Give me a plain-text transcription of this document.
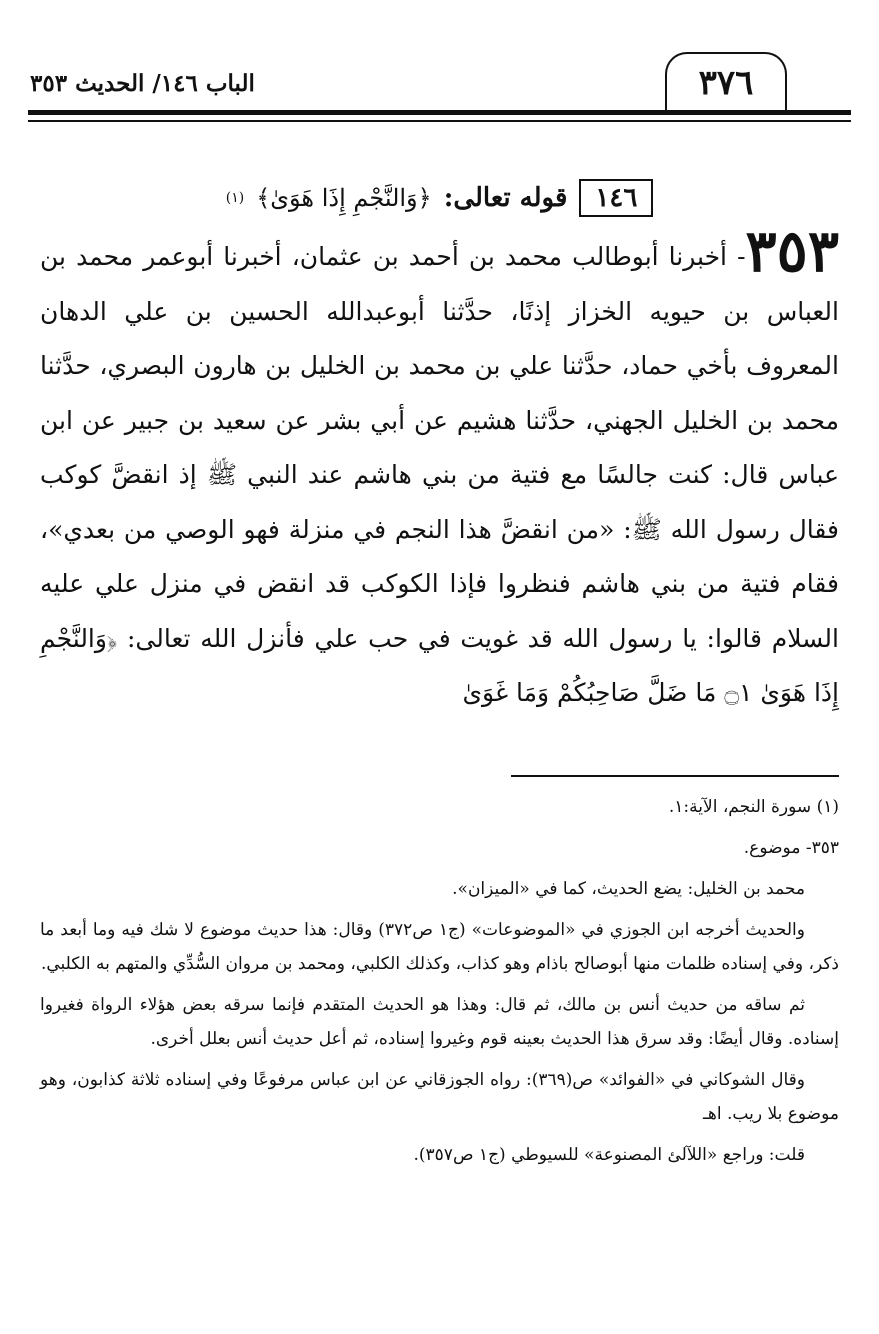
٣٧٦
الباب ١٤٦/ الحديث ٣٥٣
١٤٦
قوله تعالى:
﴿وَالنَّجْمِ إِذَا هَوَىٰ﴾
(١)
٣٥٣- أخبرنا أبوطالب محمد بن أحمد بن عثمان، أخبرنا أبوعمر محمد بن العباس بن حيويه الخزاز إذنًا، حدَّثنا أبوعبدالله الحسين بن علي الدهان المعروف بأخي حماد، حدَّثنا علي بن محمد بن الخليل بن هارون البصري، حدَّثنا محمد بن الخليل الجهني، حدَّثنا هشيم عن أبي بشر عن سعيد بن جبير عن ابن عباس قال: كنت جالسًا مع فتية من بني هاشم عند النبي ﷺ إذ انقضَّ كوكب فقال رسول الله ﷺ: «من انقضَّ هذا النجم في منزلة فهو الوصي من بعدي»، فقام فتية من بني هاشم فنظروا فإذا الكوكب قد انقض في منزل علي عليه السلام قالوا: يا رسول الله قد غويت في حب علي فأنزل الله تعالى: ﴿وَالنَّجْمِ إِذَا هَوَىٰ ۝١ مَا ضَلَّ صَاحِبُكُمْ وَمَا غَوَىٰ

(١) سورة النجم، الآية:١.

٣٥٣- موضوع.

محمد بن الخليل: يضع الحديث، كما في «الميزان».

والحديث أخرجه ابن الجوزي في «الموضوعات» (ج١ ص٣٧٢) وقال: هذا حديث موضوع لا شك فيه وما أبعد ما ذكر، وفي إسناده ظلمات منها أبوصالح باذام وهو كذاب، وكذلك الكلبي، ومحمد بن مروان السُّدِّي والمتهم به الكلبي.

ثم ساقه من حديث أنس بن مالك، ثم قال: وهذا هو الحديث المتقدم فإنما سرقه بعض هؤلاء الرواة فغيروا إسناده. وقال أيضًا: وقد سرق هذا الحديث بعينه قوم وغيروا إسناده، ثم أعل حديث أنس بعلل أخرى.

وقال الشوكاني في «الفوائد» ص(٣٦٩): رواه الجوزقاني عن ابن عباس مرفوعًا وفي إسناده ثلاثة كذابون، وهو موضوع بلا ريب. اهـ

قلت: وراجع «اللآلئ المصنوعة» للسيوطي (ج١ ص٣٥٧).
